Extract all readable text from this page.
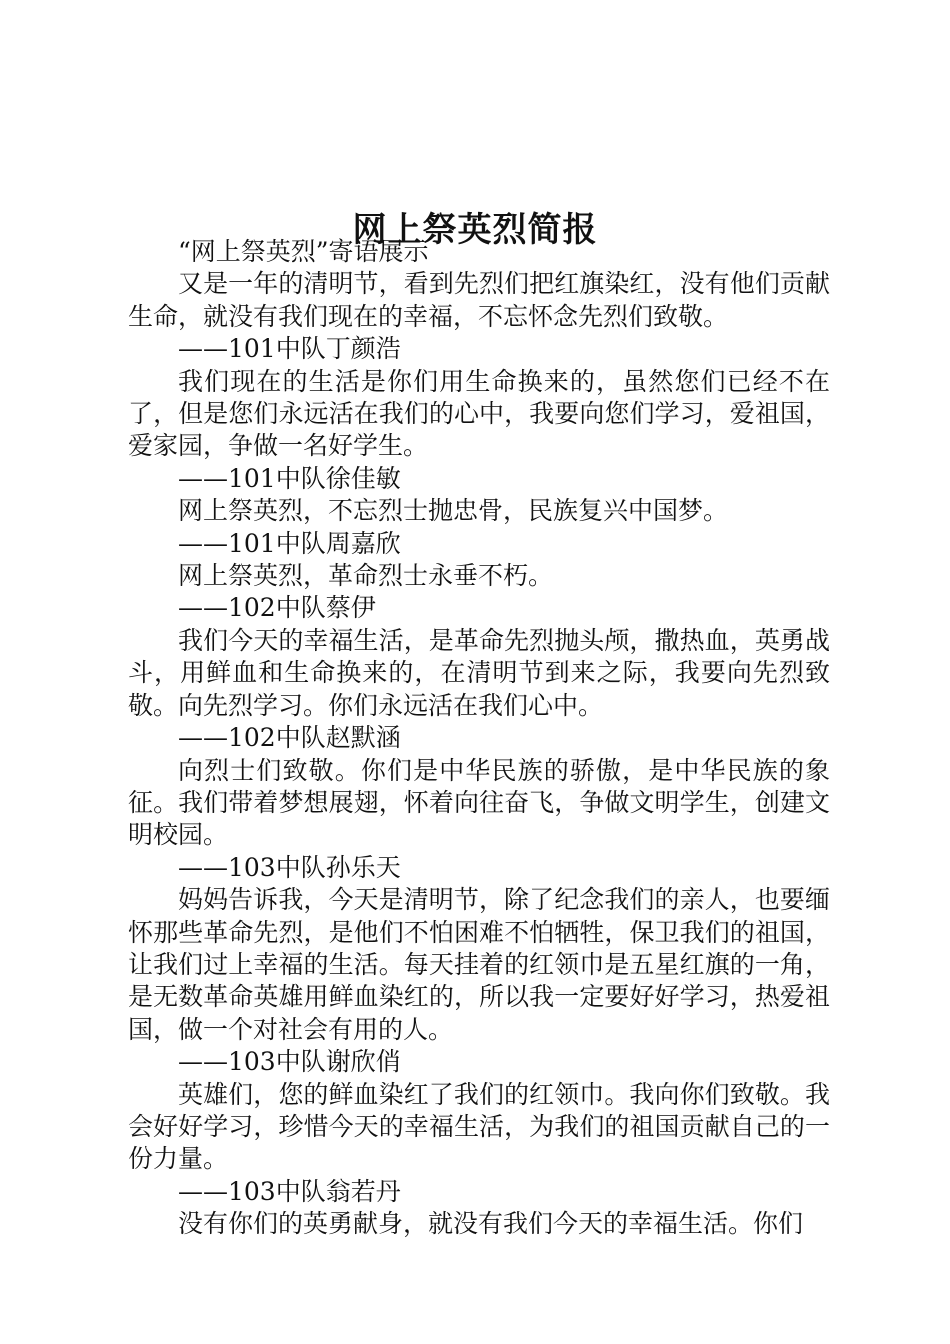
网上祭英烈简报

“网上祭英烈”寄语展示

又是一年的清明节，看到先烈们把红旗染红，没有他们贡献生命，就没有我们现在的幸福，不忘怀念先烈们致敬。

——101中队丁颜浩

我们现在的生活是你们用生命换来的，虽然您们已经不在了，但是您们永远活在我们的心中，我要向您们学习，爱祖国，爱家园，争做一名好学生。

——101中队徐佳敏

网上祭英烈，不忘烈士抛忠骨，民族复兴中国梦。

——101中队周嘉欣

网上祭英烈，革命烈士永垂不朽。

——102中队蔡伊

我们今天的幸福生活，是革命先烈抛头颅，撒热血，英勇战斗，用鲜血和生命换来的，在清明节到来之际，我要向先烈致敬。向先烈学习。你们永远活在我们心中。

——102中队赵默涵

向烈士们致敬。你们是中华民族的骄傲，是中华民族的象征。我们带着梦想展翅，怀着向往奋飞，争做文明学生，创建文明校园。

——103中队孙乐天

妈妈告诉我，今天是清明节，除了纪念我们的亲人，也要缅怀那些革命先烈，是他们不怕困难不怕牺牲，保卫我们的祖国，让我们过上幸福的生活。每天挂着的红领巾是五星红旗的一角，是无数革命英雄用鲜血染红的，所以我一定要好好学习，热爱祖国，做一个对社会有用的人。

——103中队谢欣俏

英雄们，您的鲜血染红了我们的红领巾。我向你们致敬。我会好好学习，珍惜今天的幸福生活，为我们的祖国贡献自己的一份力量。

——103中队翁若丹

没有你们的英勇献身，就没有我们今天的幸福生活。你们
